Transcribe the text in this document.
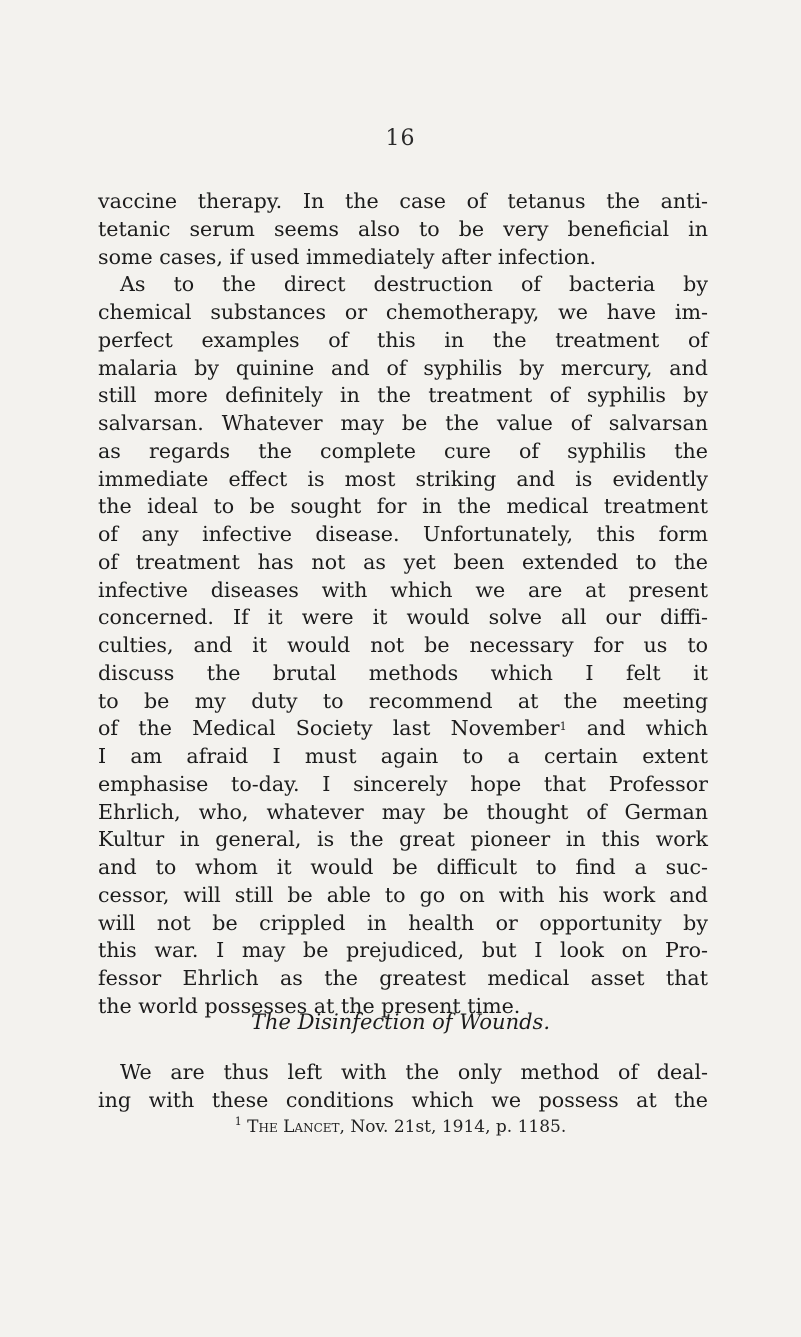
16
vaccine therapy. In the case of tetanus the anti-
tetanic serum seems also to be very beneficial in
some cases, if used immediately after infection.
As to the direct destruction of bacteria by
chemical substances or chemotherapy, we have im-
perfect examples of this in the treatment of
malaria by quinine and of syphilis by mercury, and
still more definitely in the treatment of syphilis by
salvarsan. Whatever may be the value of salvarsan
as regards the complete cure of syphilis the
immediate effect is most striking and is evidently
the ideal to be sought for in the medical treatment
of any infective disease. Unfortunately, this form
of treatment has not as yet been extended to the
infective diseases with which we are at present
concerned. If it were it would solve all our diffi-
culties, and it would not be necessary for us to
discuss the brutal methods which I felt it
to be my duty to recommend at the meeting
of the Medical Society last November$^1$ and which
I am afraid I must again to a certain extent
emphasise to-day. I sincerely hope that Professor
Ehrlich, who, whatever may be thought of German
Kultur in general, is the great pioneer in this work
and to whom it would be difficult to find a suc-
cessor, will still be able to go on with his work and
will not be crippled in health or opportunity by
this war. I may be prejudiced, but I look on Pro-
fessor Ehrlich as the greatest medical asset that
the world possesses at the present time.
The Disinfection of Wounds.
We are thus left with the only method of deal-
ing with these conditions which we possess at the
$^1$ The Lancet, Nov. 21st, 1914, p. 1185.
